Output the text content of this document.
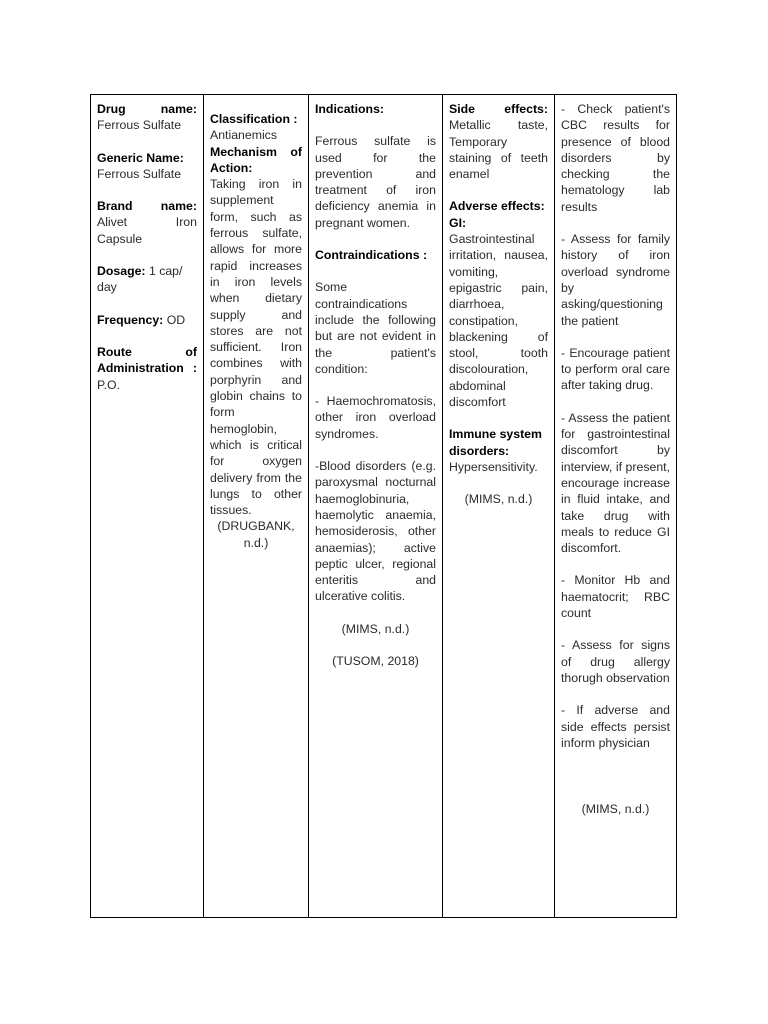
Drug name:

Ferrous Sulfate

Generic Name:

Ferrous Sulfate

Brand name:

Alivet Iron Capsule

Dosage: 1 cap/ day

Frequency: OD

Route of Administration : P.O.

Classification :

Antianemics

Mechanism of Action:

Taking iron in supplement form, such as ferrous sulfate, allows for more rapid increases in iron levels when dietary supply and stores are not sufficient. Iron combines with porphyrin and globin chains to form hemoglobin, which is critical for oxygen delivery from the lungs to other tissues.

(DRUGBANK, n.d.)

Indications:

Ferrous sulfate is used for the prevention and treatment of iron deficiency anemia in pregnant women.

Contraindications :

Some contraindications include the following but are not evident in the patient's condition:

- Haemochromatosis, other iron overload syndromes.

-Blood disorders (e.g. paroxysmal nocturnal haemoglobinuria, haemolytic anaemia, hemosiderosis, other anaemias); active peptic ulcer, regional enteritis and ulcerative colitis.

(MIMS, n.d.)

(TUSOM, 2018)

Side effects: Metallic taste, Temporary staining of teeth enamel

Adverse effects:

GI:

Gastrointestinal irritation, nausea, vomiting, epigastric pain, diarrhoea, constipation, blackening of stool, tooth discolouration, abdominal discomfort

Immune system disorders:

Hypersensitivity.

(MIMS, n.d.)

- Check patient's CBC results for presence of blood disorders by checking the hematology lab results

- Assess for family history of iron overload syndrome by asking/questioning the patient

- Encourage patient to perform oral care after taking drug.

- Assess the patient for gastrointestinal discomfort by interview, if present, encourage increase in fluid intake, and take drug with meals to reduce GI discomfort.

- Monitor Hb and haematocrit; RBC count

- Assess for signs of drug allergy thorugh observation

- If adverse and side effects persist inform physician

(MIMS, n.d.)
